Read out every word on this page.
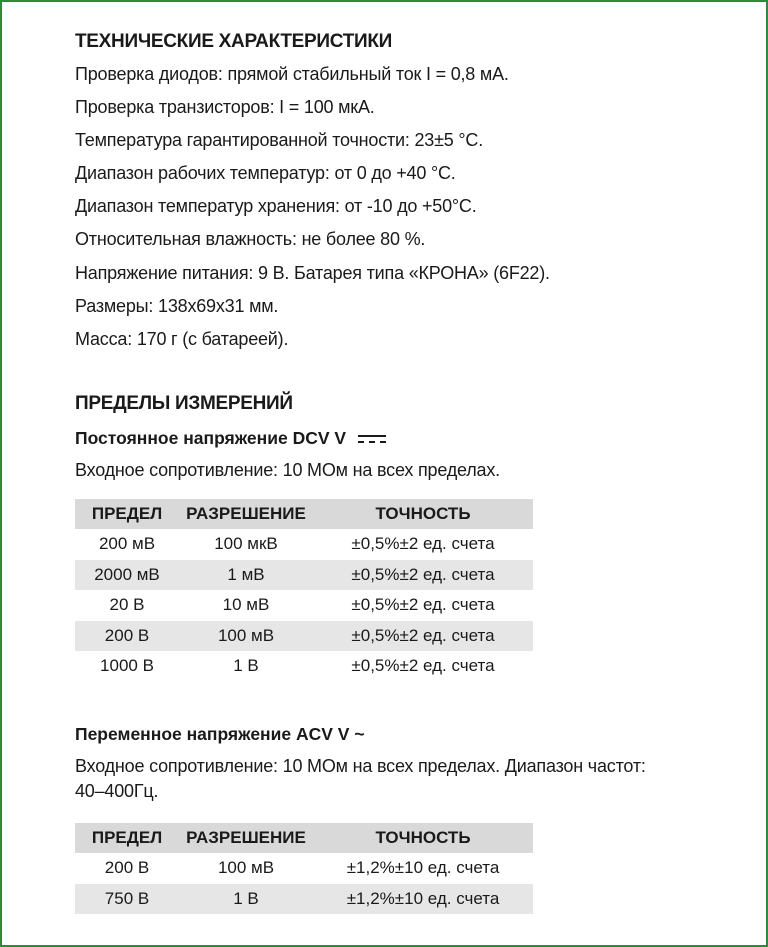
ТЕХНИЧЕСКИЕ ХАРАКТЕРИСТИКИ
Проверка диодов: прямой стабильный ток I = 0,8 мА.
Проверка транзисторов: I = 100 мкА.
Температура гарантированной точности: 23±5 °С.
Диапазон рабочих температур: от 0 до +40 °С.
Диапазон температур хранения: от -10 до +50°С.
Относительная влажность: не более 80 %.
Напряжение питания: 9 В. Батарея типа «КРОНА» (6F22).
Размеры: 138x69x31 мм.
Масса: 170 г (с батареей).
ПРЕДЕЛЫ ИЗМЕРЕНИЙ
Постоянное напряжение DCV V
Входное сопротивление: 10 МОм на всех пределах.
ПРЕДЕЛ	РАЗРЕШЕНИЕ	ТОЧНОСТЬ
200 мВ	100 мкВ	±0,5%±2 ед. счета
2000 мВ	1 мВ	±0,5%±2 ед. счета
20 В	10 мВ	±0,5%±2 ед. счета
200 В	100 мВ	±0,5%±2 ед. счета
1000 В	1 В	±0,5%±2 ед. счета
Переменное напряжение ACV V ~
Входное сопротивление: 10 МОм на всех пределах. Диапазон частот:
40–400Гц.
ПРЕДЕЛ	РАЗРЕШЕНИЕ	ТОЧНОСТЬ
200 В	100 мВ	±1,2%±10 ед. счета
750 В	1 В	±1,2%±10 ед. счета
